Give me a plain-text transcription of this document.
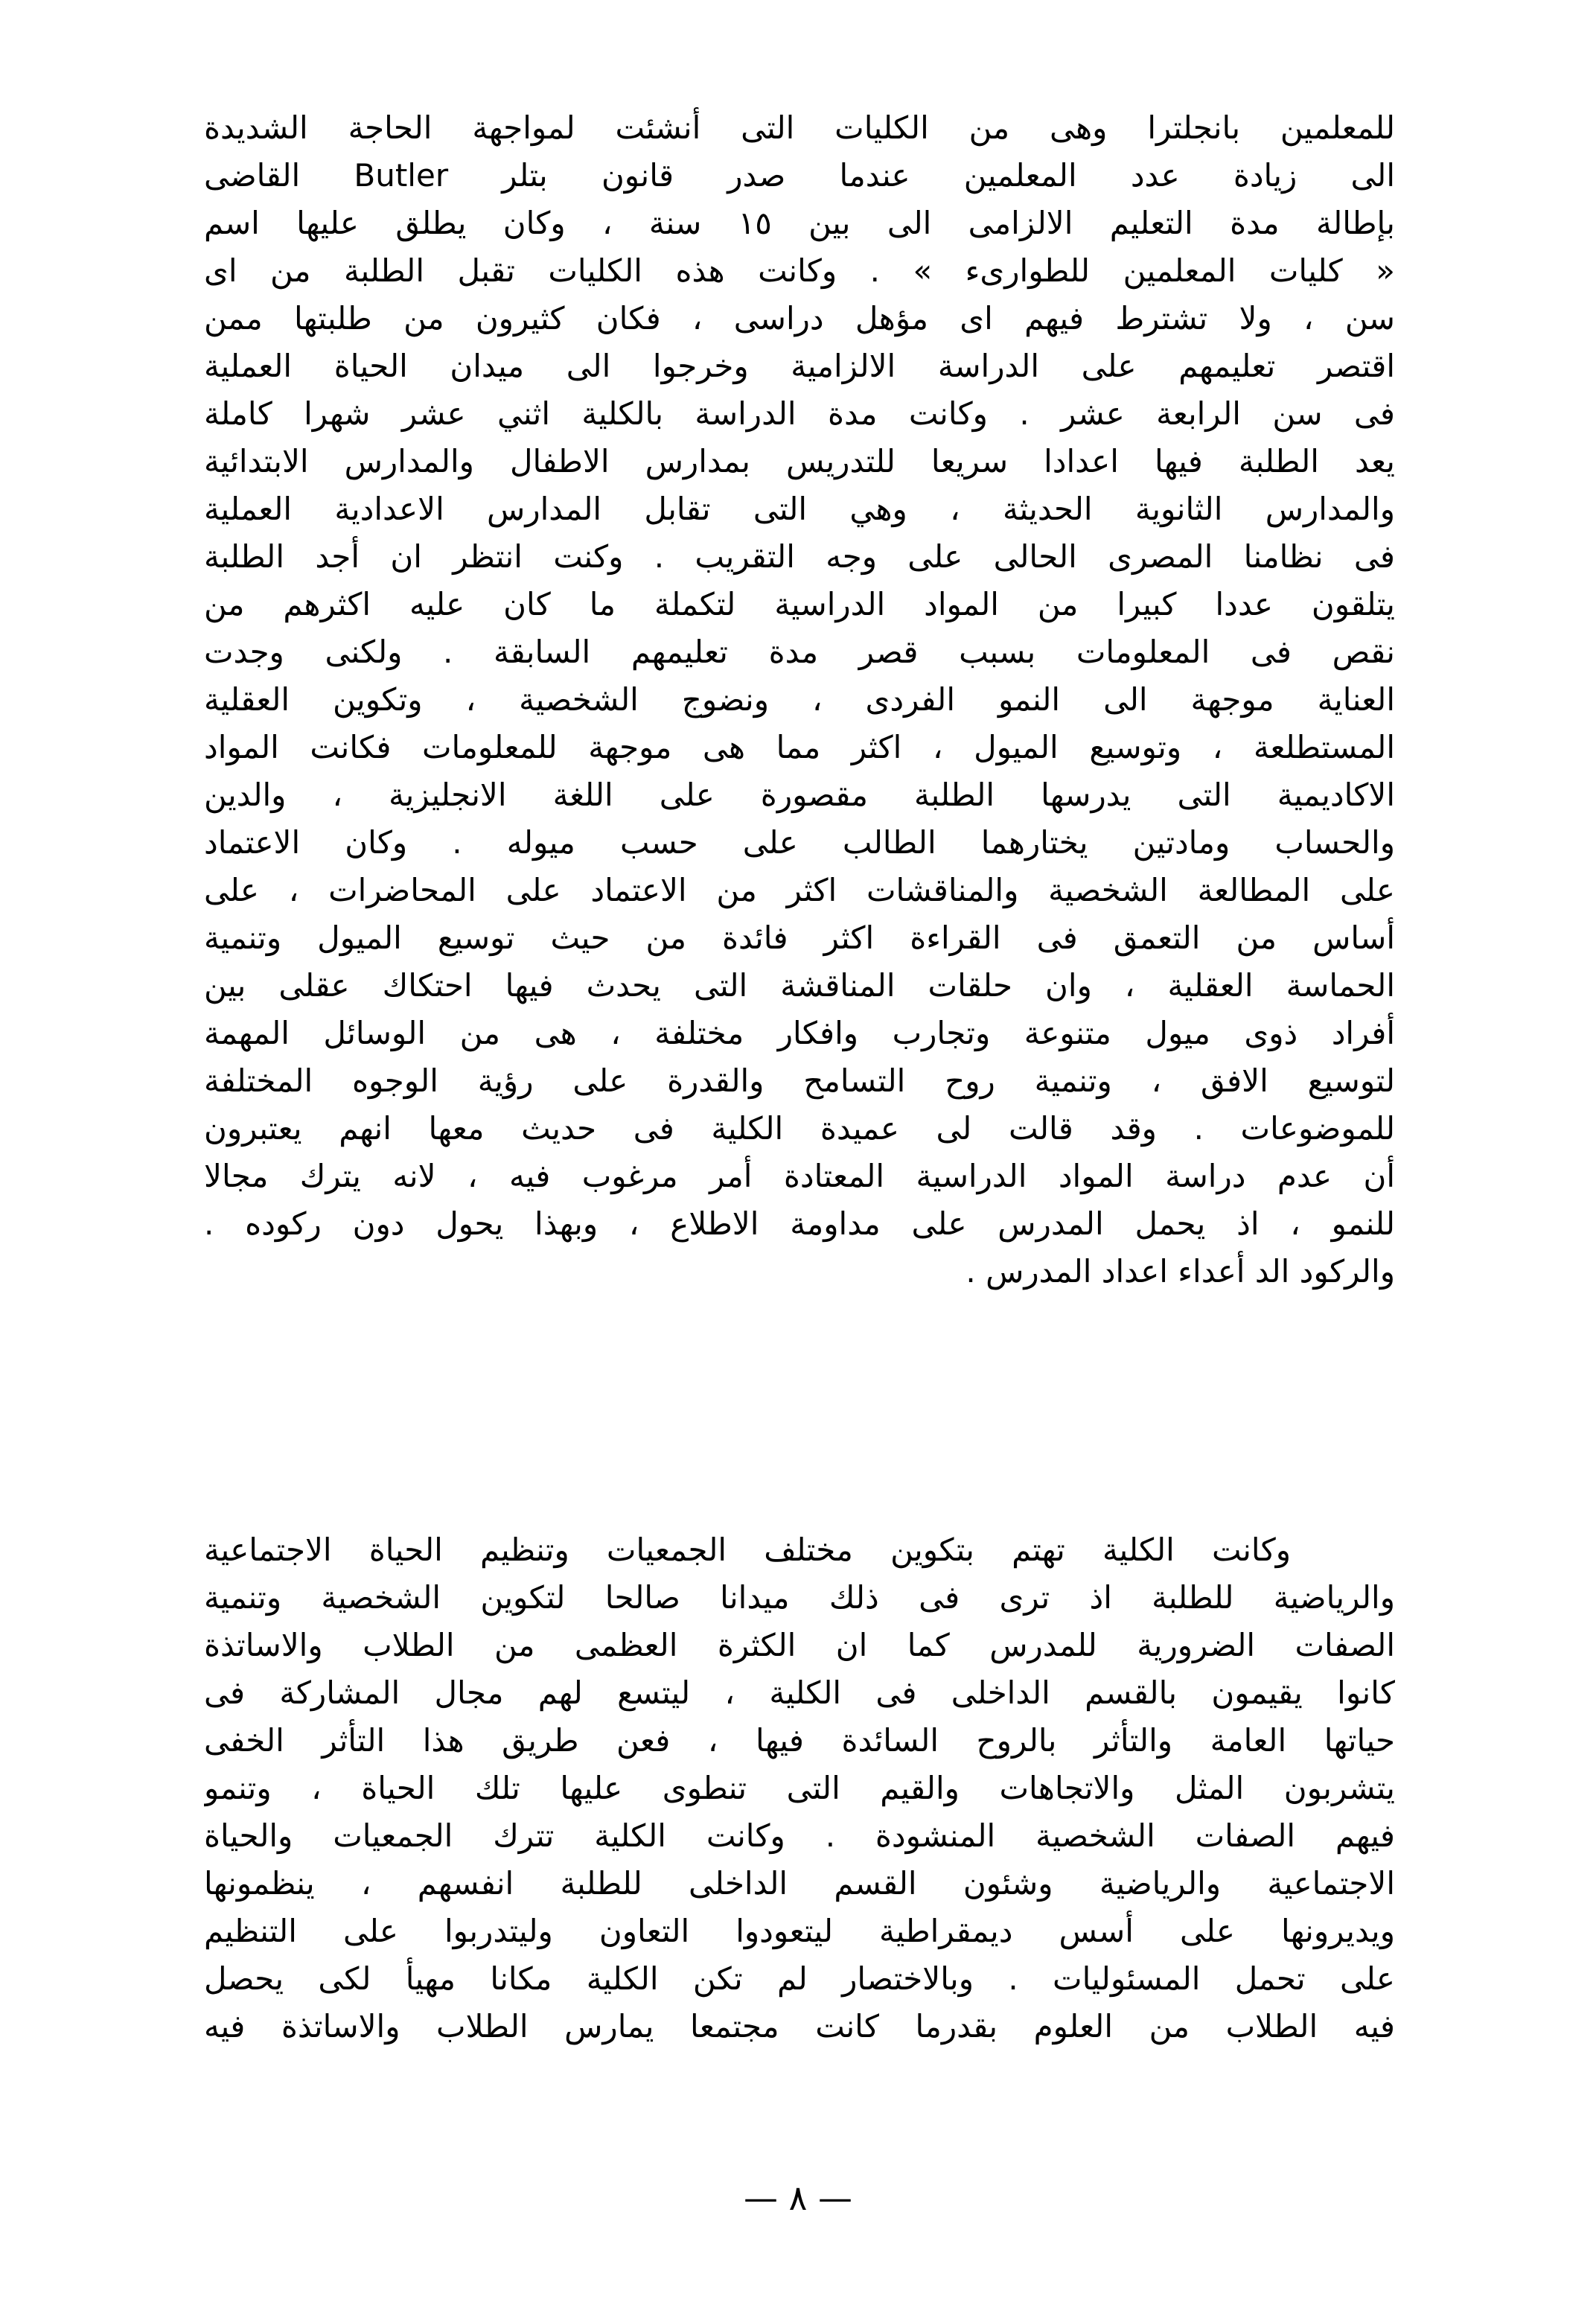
للمعلمين بانجلترا وهى من الكليات التى أنشئت لمواجهة الحاجة الشديدة
الى زيادة عدد المعلمين عندما صدر قانون بتلر Butler القاضى
بإطالة مدة التعليم الالزامى الى بين ١٥ سنة ، وكان يطلق عليها اسم
« كليات المعلمين للطوارىء » . وكانت هذه الكليات تقبل الطلبة من اى
سن ، ولا تشترط فيهم اى مؤهل دراسى ، فكان كثيرون من طلبتها ممن
اقتصر تعليمهم على الدراسة الالزامية وخرجوا الى ميدان الحياة العملية
فى سن الرابعة عشر . وكانت مدة الدراسة بالكلية اثني عشر شهرا كاملة
يعد الطلبة فيها اعدادا سريعا للتدريس بمدارس الاطفال والمدارس الابتدائية
والمدارس الثانوية الحديثة ، وهي التى تقابل المدارس الاعدادية العملية
فى نظامنا المصرى الحالى على وجه التقريب . وكنت انتظر ان أجد الطلبة
يتلقون عددا كبيرا من المواد الدراسية لتكملة ما كان عليه اكثرهم من
نقص فى المعلومات بسبب قصر مدة تعليمهم السابقة . ولكنى وجدت
العناية موجهة الى النمو الفردى ، ونضوج الشخصية ، وتكوين العقلية
المستطلعة ، وتوسيع الميول ، اكثر مما هى موجهة للمعلومات فكانت المواد
الاكاديمية التى يدرسها الطلبة مقصورة على اللغة الانجليزية ، والدين
والحساب ومادتين يختارهما الطالب على حسب ميوله . وكان الاعتماد
على المطالعة الشخصية والمناقشات اكثر من الاعتماد على المحاضرات ، على
أساس من التعمق فى القراءة اكثر فائدة من حيث توسيع الميول وتنمية
الحماسة العقلية ، وان حلقات المناقشة التى يحدث فيها احتكاك عقلى بين
أفراد ذوى ميول متنوعة وتجارب وافكار مختلفة ، هى من الوسائل المهمة
لتوسيع الافق ، وتنمية روح التسامح والقدرة على رؤية الوجوه المختلفة
للموضوعات . وقد قالت لى عميدة الكلية فى حديث معها انهم يعتبرون
أن عدم دراسة المواد الدراسية المعتادة أمر مرغوب فيه ، لانه يترك مجالا
للنمو ، اذ يحمل المدرس على مداومة الاطلاع ، وبهذا يحول دون ركوده .
والركود الد أعداء اعداد المدرس .
وكانت الكلية تهتم بتكوين مختلف الجمعيات وتنظيم الحياة الاجتماعية
والرياضية للطلبة اذ ترى فى ذلك ميدانا صالحا لتكوين الشخصية وتنمية
الصفات الضرورية للمدرس كما ان الكثرة العظمى من الطلاب والاساتذة
كانوا يقيمون بالقسم الداخلى فى الكلية ، ليتسع لهم مجال المشاركة فى
حياتها العامة والتأثر بالروح السائدة فيها ، فعن طريق هذا التأثر الخفى
يتشربون المثل والاتجاهات والقيم التى تنطوى عليها تلك الحياة ، وتنمو
فيهم الصفات الشخصية المنشودة . وكانت الكلية تترك الجمعيات والحياة
الاجتماعية والرياضية وشئون القسم الداخلى للطلبة انفسهم ، ينظمونها
ويديرونها على أسس ديمقراطية ليتعودوا التعاون وليتدربوا على التنظيم
على تحمل المسئوليات . وبالاختصار لم تكن الكلية مكانا مهيأ لكى يحصل
فيه الطلاب من العلوم بقدرما كانت مجتمعا يمارس الطلاب والاساتذة فيه
— ٨ —
